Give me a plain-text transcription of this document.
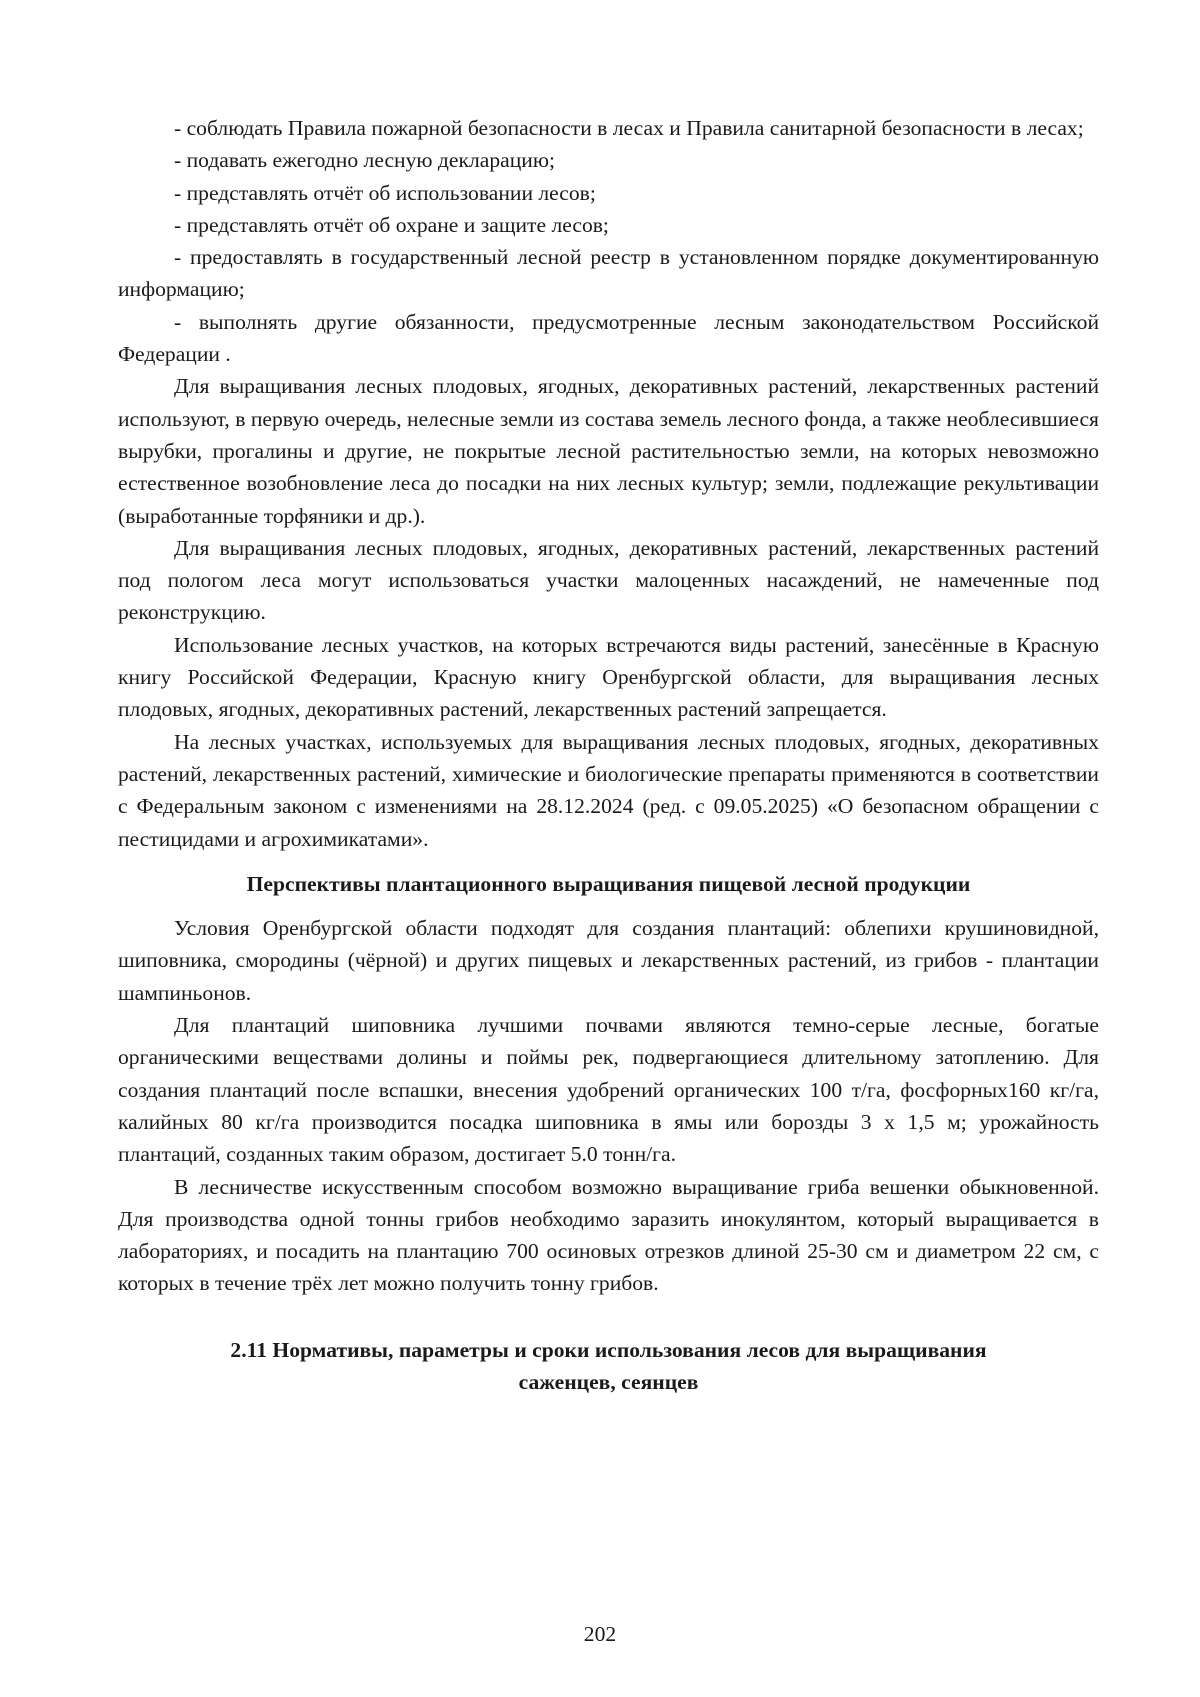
- соблюдать Правила пожарной безопасности в лесах и Правила санитарной безопасности в лесах;

- подавать ежегодно лесную декларацию;

- представлять отчёт об использовании лесов;

- представлять отчёт об охране и защите лесов;

- предоставлять в государственный лесной реестр в установленном порядке документированную информацию;

- выполнять другие обязанности, предусмотренные лесным законодательством Российской Федерации .

Для выращивания лесных плодовых, ягодных, декоративных растений, лекарственных растений используют, в первую очередь, нелесные земли из состава земель лесного фонда, а также необлесившиеся вырубки, прогалины и другие, не покрытые лесной растительностью земли, на которых невозможно естественное возобновление леса до посадки на них лесных культур; земли, подлежащие рекультивации (выработанные торфяники и др.).

Для выращивания лесных плодовых, ягодных, декоративных растений, лекарственных растений под пологом леса могут использоваться участки малоценных насаждений, не намеченные под реконструкцию.

Использование лесных участков, на которых встречаются виды растений, занесённые в Красную книгу Российской Федерации, Красную книгу Оренбургской области, для выращивания лесных плодовых, ягодных, декоративных растений, лекарственных растений запрещается.

На лесных участках, используемых для выращивания лесных плодовых, ягодных, декоративных растений, лекарственных растений, химические и биологические препараты применяются в соответствии с Федеральным законом с изменениями на 28.12.2024 (ред. с 09.05.2025) «О безопасном обращении с пестицидами и агрохимикатами».

Перспективы плантационного выращивания пищевой лесной продукции

Условия Оренбургской области подходят для создания плантаций: облепихи крушиновидной, шиповника, смородины (чёрной) и других пищевых и лекарственных растений, из грибов - плантации шампиньонов.

Для плантаций шиповника лучшими почвами являются темно-серые лесные, богатые органическими веществами долины и поймы рек, подвергающиеся длительному затоплению. Для создания плантаций после вспашки, внесения удобрений органических 100 т/га, фосфорных160 кг/га, калийных 80 кг/га производится посадка шиповника в ямы или борозды 3 х 1,5 м; урожайность плантаций, созданных таким образом, достигает 5.0 тонн/га.

В лесничестве искусственным способом возможно выращивание гриба вешенки обыкновенной. Для производства одной тонны грибов необходимо заразить инокулянтом, который выращивается в лабораториях, и посадить на плантацию 700 осиновых отрезков длиной 25-30 см и диаметром 22 см, с которых в течение трёх лет можно получить тонну грибов.

2.11 Нормативы, параметры и сроки использования лесов для выращивания
саженцев, сеянцев

202
